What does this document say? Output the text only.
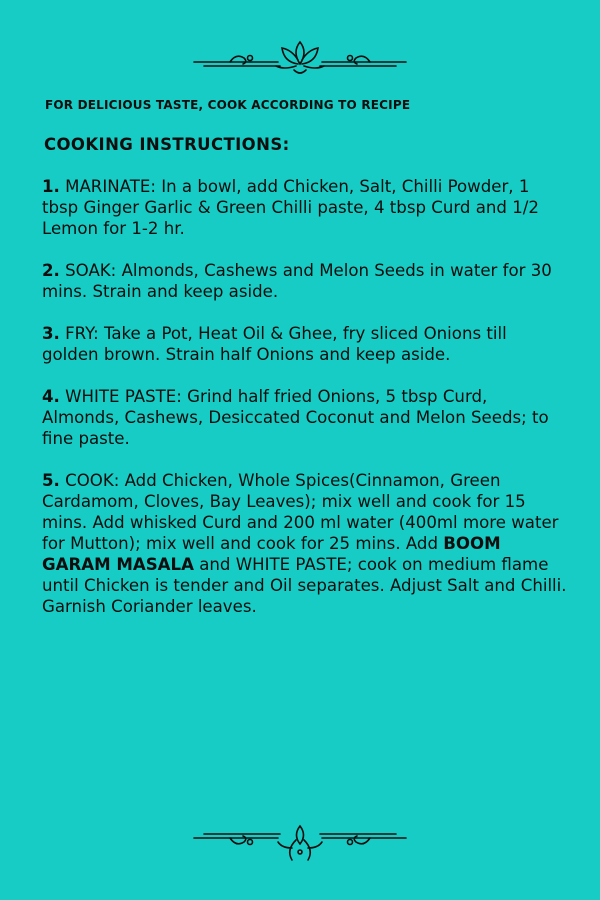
FOR DELICIOUS TASTE, COOK ACCORDING TO RECIPE
COOKING INSTRUCTIONS:

1. MARINATE: In a bowl, add Chicken, Salt, Chilli Powder, 1 tbsp Ginger Garlic & Green Chilli paste, 4 tbsp Curd and 1/2 Lemon for 1-2 hr.

2. SOAK: Almonds, Cashews and Melon Seeds in water for 30 mins. Strain and keep aside.

3. FRY: Take a Pot, Heat Oil & Ghee, fry sliced Onions till golden brown. Strain half Onions and keep aside.

4. WHITE PASTE: Grind half fried Onions, 5 tbsp Curd, Almonds, Cashews, Desiccated Coconut and Melon Seeds; to fine paste.

5. COOK: Add Chicken, Whole Spices(Cinnamon, Green Cardamom, Cloves, Bay Leaves); mix well and cook for 15 mins. Add whisked Curd and 200 ml water (400ml more water for Mutton); mix well and cook for 25 mins. Add BOOM GARAM MASALA and WHITE PASTE; cook on medium flame until Chicken is tender and Oil separates. Adjust Salt and Chilli. Garnish Coriander leaves.
